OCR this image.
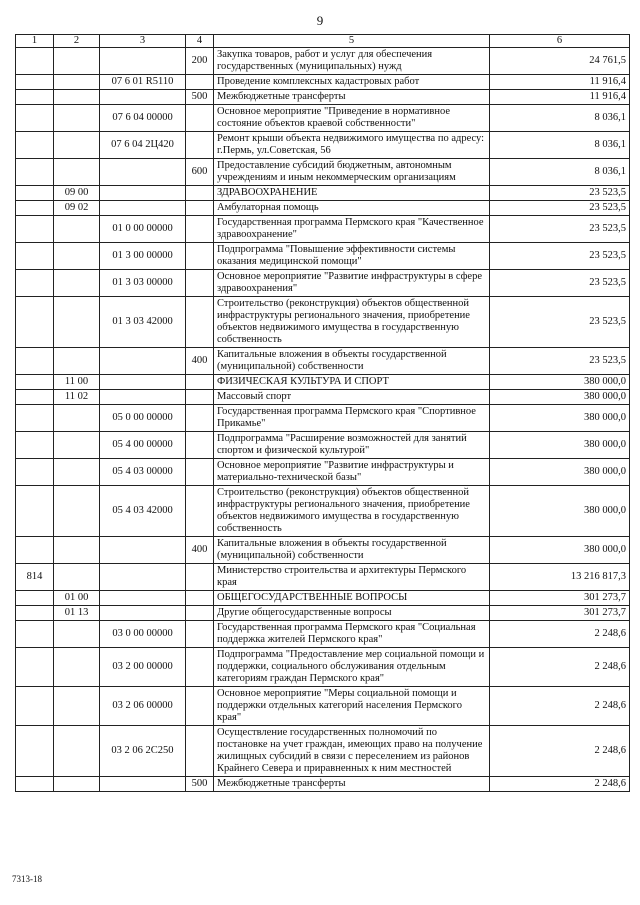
9
1	2	3	4	5	6
			200	Закупка товаров, работ и услуг для обеспечения государственных (муниципальных) нужд	24 761,5
		07 6 01 R5110		Проведение комплексных кадастровых работ	11 916,4
			500	Межбюджетные трансферты	11 916,4
		07 6 04 00000		Основное мероприятие "Приведение в нормативное состояние объектов краевой собственности"	8 036,1
		07 6 04 2Ц420		Ремонт крыши объекта недвижимого имущества по адресу: г.Пермь, ул.Советская, 56	8 036,1
			600	Предоставление субсидий бюджетным, автономным учреждениям и иным некоммерческим организациям	8 036,1
	09 00			ЗДРАВООХРАНЕНИЕ	23 523,5
	09 02			Амбулаторная помощь	23 523,5
		01 0 00 00000		Государственная программа Пермского края "Качественное здравоохранение"	23 523,5
		01 3 00 00000		Подпрограмма "Повышение эффективности системы оказания медицинской помощи"	23 523,5
		01 3 03 00000		Основное мероприятие "Развитие инфраструктуры в сфере здравоохранения"	23 523,5
		01 3 03 42000		Строительство (реконструкция) объектов общественной инфраструктуры регионального значения, приобретение объектов недвижимого имущества в государственную собственность	23 523,5
			400	Капитальные вложения в объекты государственной (муниципальной) собственности	23 523,5
	11 00			ФИЗИЧЕСКАЯ КУЛЬТУРА И СПОРТ	380 000,0
	11 02			Массовый спорт	380 000,0
		05 0 00 00000		Государственная программа Пермского края "Спортивное Прикамье"	380 000,0
		05 4 00 00000		Подпрограмма "Расширение возможностей для занятий спортом и физической культурой"	380 000,0
		05 4 03 00000		Основное мероприятие "Развитие инфраструктуры и материально-технической базы"	380 000,0
		05 4 03 42000		Строительство (реконструкция) объектов общественной инфраструктуры регионального значения, приобретение объектов недвижимого имущества в государственную собственность	380 000,0
			400	Капитальные вложения в объекты государственной (муниципальной) собственности	380 000,0
814				Министерство строительства и архитектуры Пермского края	13 216 817,3
	01 00			ОБЩЕГОСУДАРСТВЕННЫЕ ВОПРОСЫ	301 273,7
	01 13			Другие общегосударственные вопросы	301 273,7
		03 0 00 00000		Государственная программа Пермского края "Социальная поддержка жителей Пермского края"	2 248,6
		03 2 00 00000		Подпрограмма "Предоставление мер социальной помощи и поддержки, социального обслуживания отдельным категориям граждан Пермского края"	2 248,6
		03 2 06 00000		Основное мероприятие "Меры социальной помощи и поддержки отдельных категорий населения Пермского края"	2 248,6
		03 2 06 2С250		Осуществление государственных полномочий по постановке на учет граждан, имеющих право на получение жилищных субсидий в связи с переселением из районов Крайнего Севера и приравненных к ним местностей	2 248,6
			500	Межбюджетные трансферты	2 248,6
7313-18
